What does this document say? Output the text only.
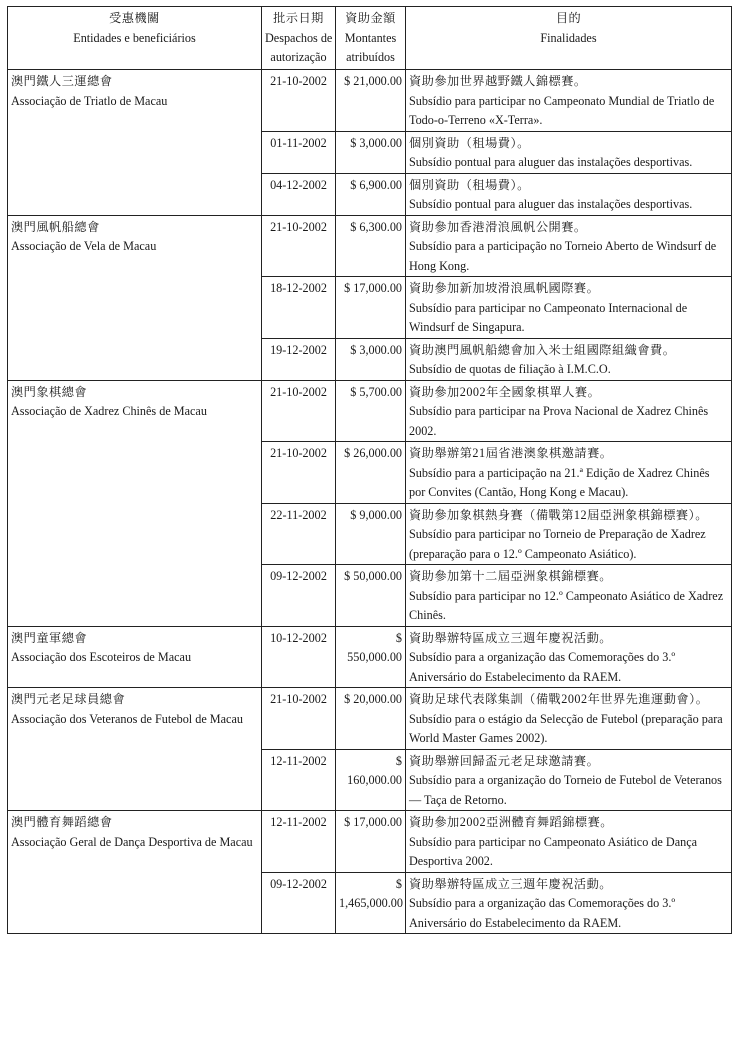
受惠機關
Entidades e beneficiários	批示日期
Despachos de
autorização	資助金額
Montantes
atribuídos	目的
Finalidades

澳門鐵人三運總會
Associação de Triatlo de Macau	21-10-2002	$ 21,000.00	資助參加世界越野鐵人錦標賽。
Subsídio para participar no Campeonato Mundial de Triatlo de Todo-o-Terreno «X-Terra».

	01-11-2002	$ 3,000.00	個別資助（租場費）。
Subsídio pontual para aluguer das instalações desportivas.

	04-12-2002	$ 6,900.00	個別資助（租場費）。
Subsídio pontual para aluguer das instalações desportivas.

澳門風帆船總會
Associação de Vela de Macau	21-10-2002	$ 6,300.00	資助參加香港滑浪風帆公開賽。
Subsídio para a participação no Torneio Aberto de Windsurf de Hong Kong.

	18-12-2002	$ 17,000.00	資助參加新加坡滑浪風帆國際賽。
Subsídio para participar no Campeonato Internacional de Windsurf de Singapura.

	19-12-2002	$ 3,000.00	資助澳門風帆船總會加入米士組國際組織會費。
Subsídio de quotas de filiação à I.M.C.O.

澳門象棋總會
Associação de Xadrez Chinês de Macau	21-10-2002	$ 5,700.00	資助參加2002年全國象棋單人賽。
Subsídio para participar na Prova Nacional de Xadrez Chinês 2002.

	21-10-2002	$ 26,000.00	資助舉辦第21屆省港澳象棋邀請賽。
Subsídio para a participação na 21.ª Edição de Xadrez Chinês por Convites (Cantão, Hong Kong e Macau).

	22-11-2002	$ 9,000.00	資助參加象棋熱身賽（備戰第12屆亞洲象棋錦標賽）。
Subsídio para participar no Torneio de Preparação de Xadrez (preparação para o 12.º Campeonato Asiático).

	09-12-2002	$ 50,000.00	資助參加第十二屆亞洲象棋錦標賽。
Subsídio para participar no 12.º Campeonato Asiático de Xadrez Chinês.

澳門童軍總會
Associação dos Escoteiros de Macau	10-12-2002	$ 550,000.00	資助舉辦特區成立三週年慶祝活動。
Subsídio para a organização das Comemorações do 3.º Aniversário do Estabelecimento da RAEM.

澳門元老足球員總會
Associação dos Veteranos de Futebol de Macau	21-10-2002	$ 20,000.00	資助足球代表隊集訓（備戰2002年世界先進運動會）。
Subsídio para o estágio da Selecção de Futebol (preparação para World Master Games 2002).

	12-11-2002	$ 160,000.00	資助舉辦回歸盃元老足球邀請賽。
Subsídio para a organização do Torneio de Futebol de Veteranos — Taça de Retorno.

澳門體育舞蹈總會
Associação Geral de Dança Desportiva de Macau	12-11-2002	$ 17,000.00	資助參加2002亞洲體育舞蹈錦標賽。
Subsídio para participar no Campeonato Asiático de Dança Desportiva 2002.

	09-12-2002	$ 1,465,000.00	資助舉辦特區成立三週年慶祝活動。
Subsídio para a organização das Comemorações do 3.º Aniversário do Estabelecimento da RAEM.
